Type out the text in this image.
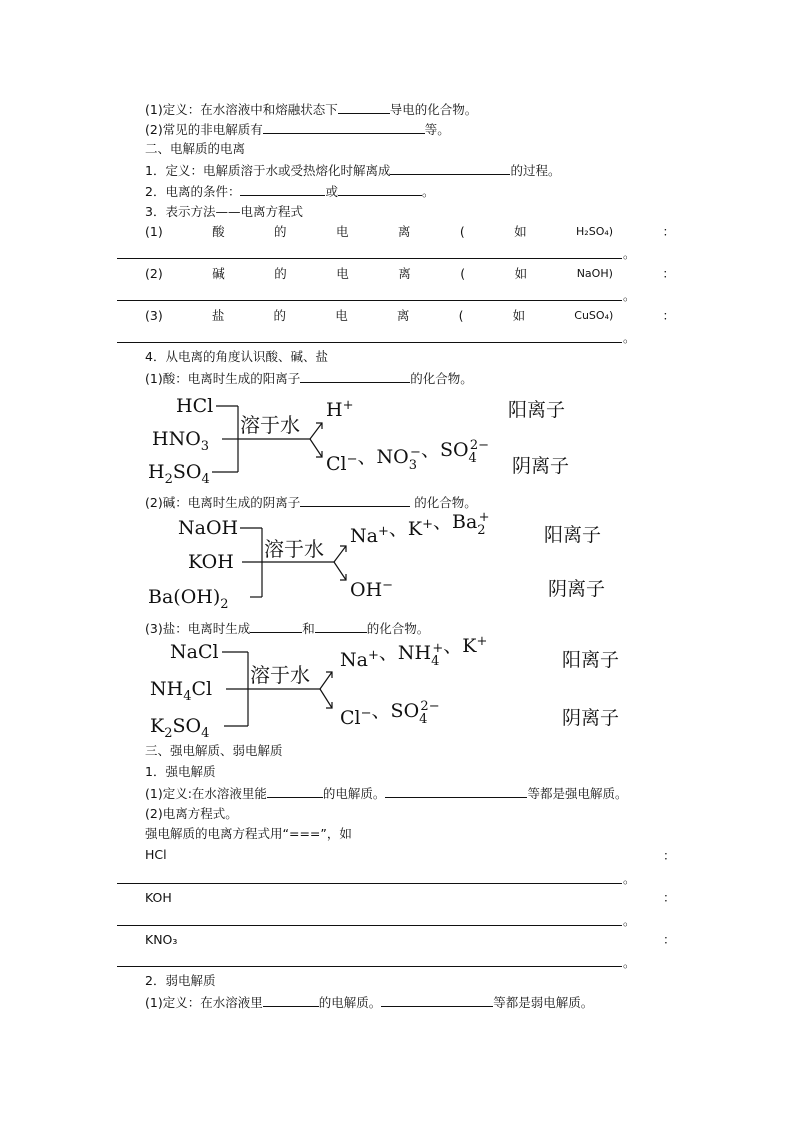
(1)定义：在水溶液中和熔融状态下	导电的化合物。
(2)常见的非电解质有	等。
二、电解质的电离
1．定义：电解质溶于水或受热熔化时解离成	的过程。
2．电离的条件：	或	。
3．表示方法——电离方程式
(1)	酸	的	电	离	(	如	H₂SO₄)	：
。
(2)	碱	的	电	离	(	如	NaOH)	：
。
(3)	盐	的	电	离	(	如	CuSO₄)	：
。
4．从电离的角度认识酸、碱、盐
(1)酸：电离时生成的阳离子	的化合物。
HCl
$HNO_3$
$H_2SO_4$
溶于水
H+
Cl−、$NO_3-$、$SO_42-$
阳离子
阴离子
(2)碱：电离时生成的阴离子	的化合物。
NaOH
KOH
$Ba(OH)_2$
溶于水
Na+、K+、$Ba_2+$
OH−
阳离子
阴离子
(3)盐：电离时生成	和	的化合物。
NaCl
$NH_4Cl$
$K_2SO_4$
溶于水
Na+、$NH_4+$、K+
Cl−、$SO_42-$
阳离子
阴离子
三、强电解质、弱电解质
1．强电解质
(1)定义:在水溶液里能	的电解质。	等都是强电解质。
(2)电离方程式。
强电解质的电离方程式用“===”，如
HCl	：
。
KOH	：
。
KNO₃	：
。
2．弱电解质
(1)定义：在水溶液里	的电解质。	等都是弱电解质。
